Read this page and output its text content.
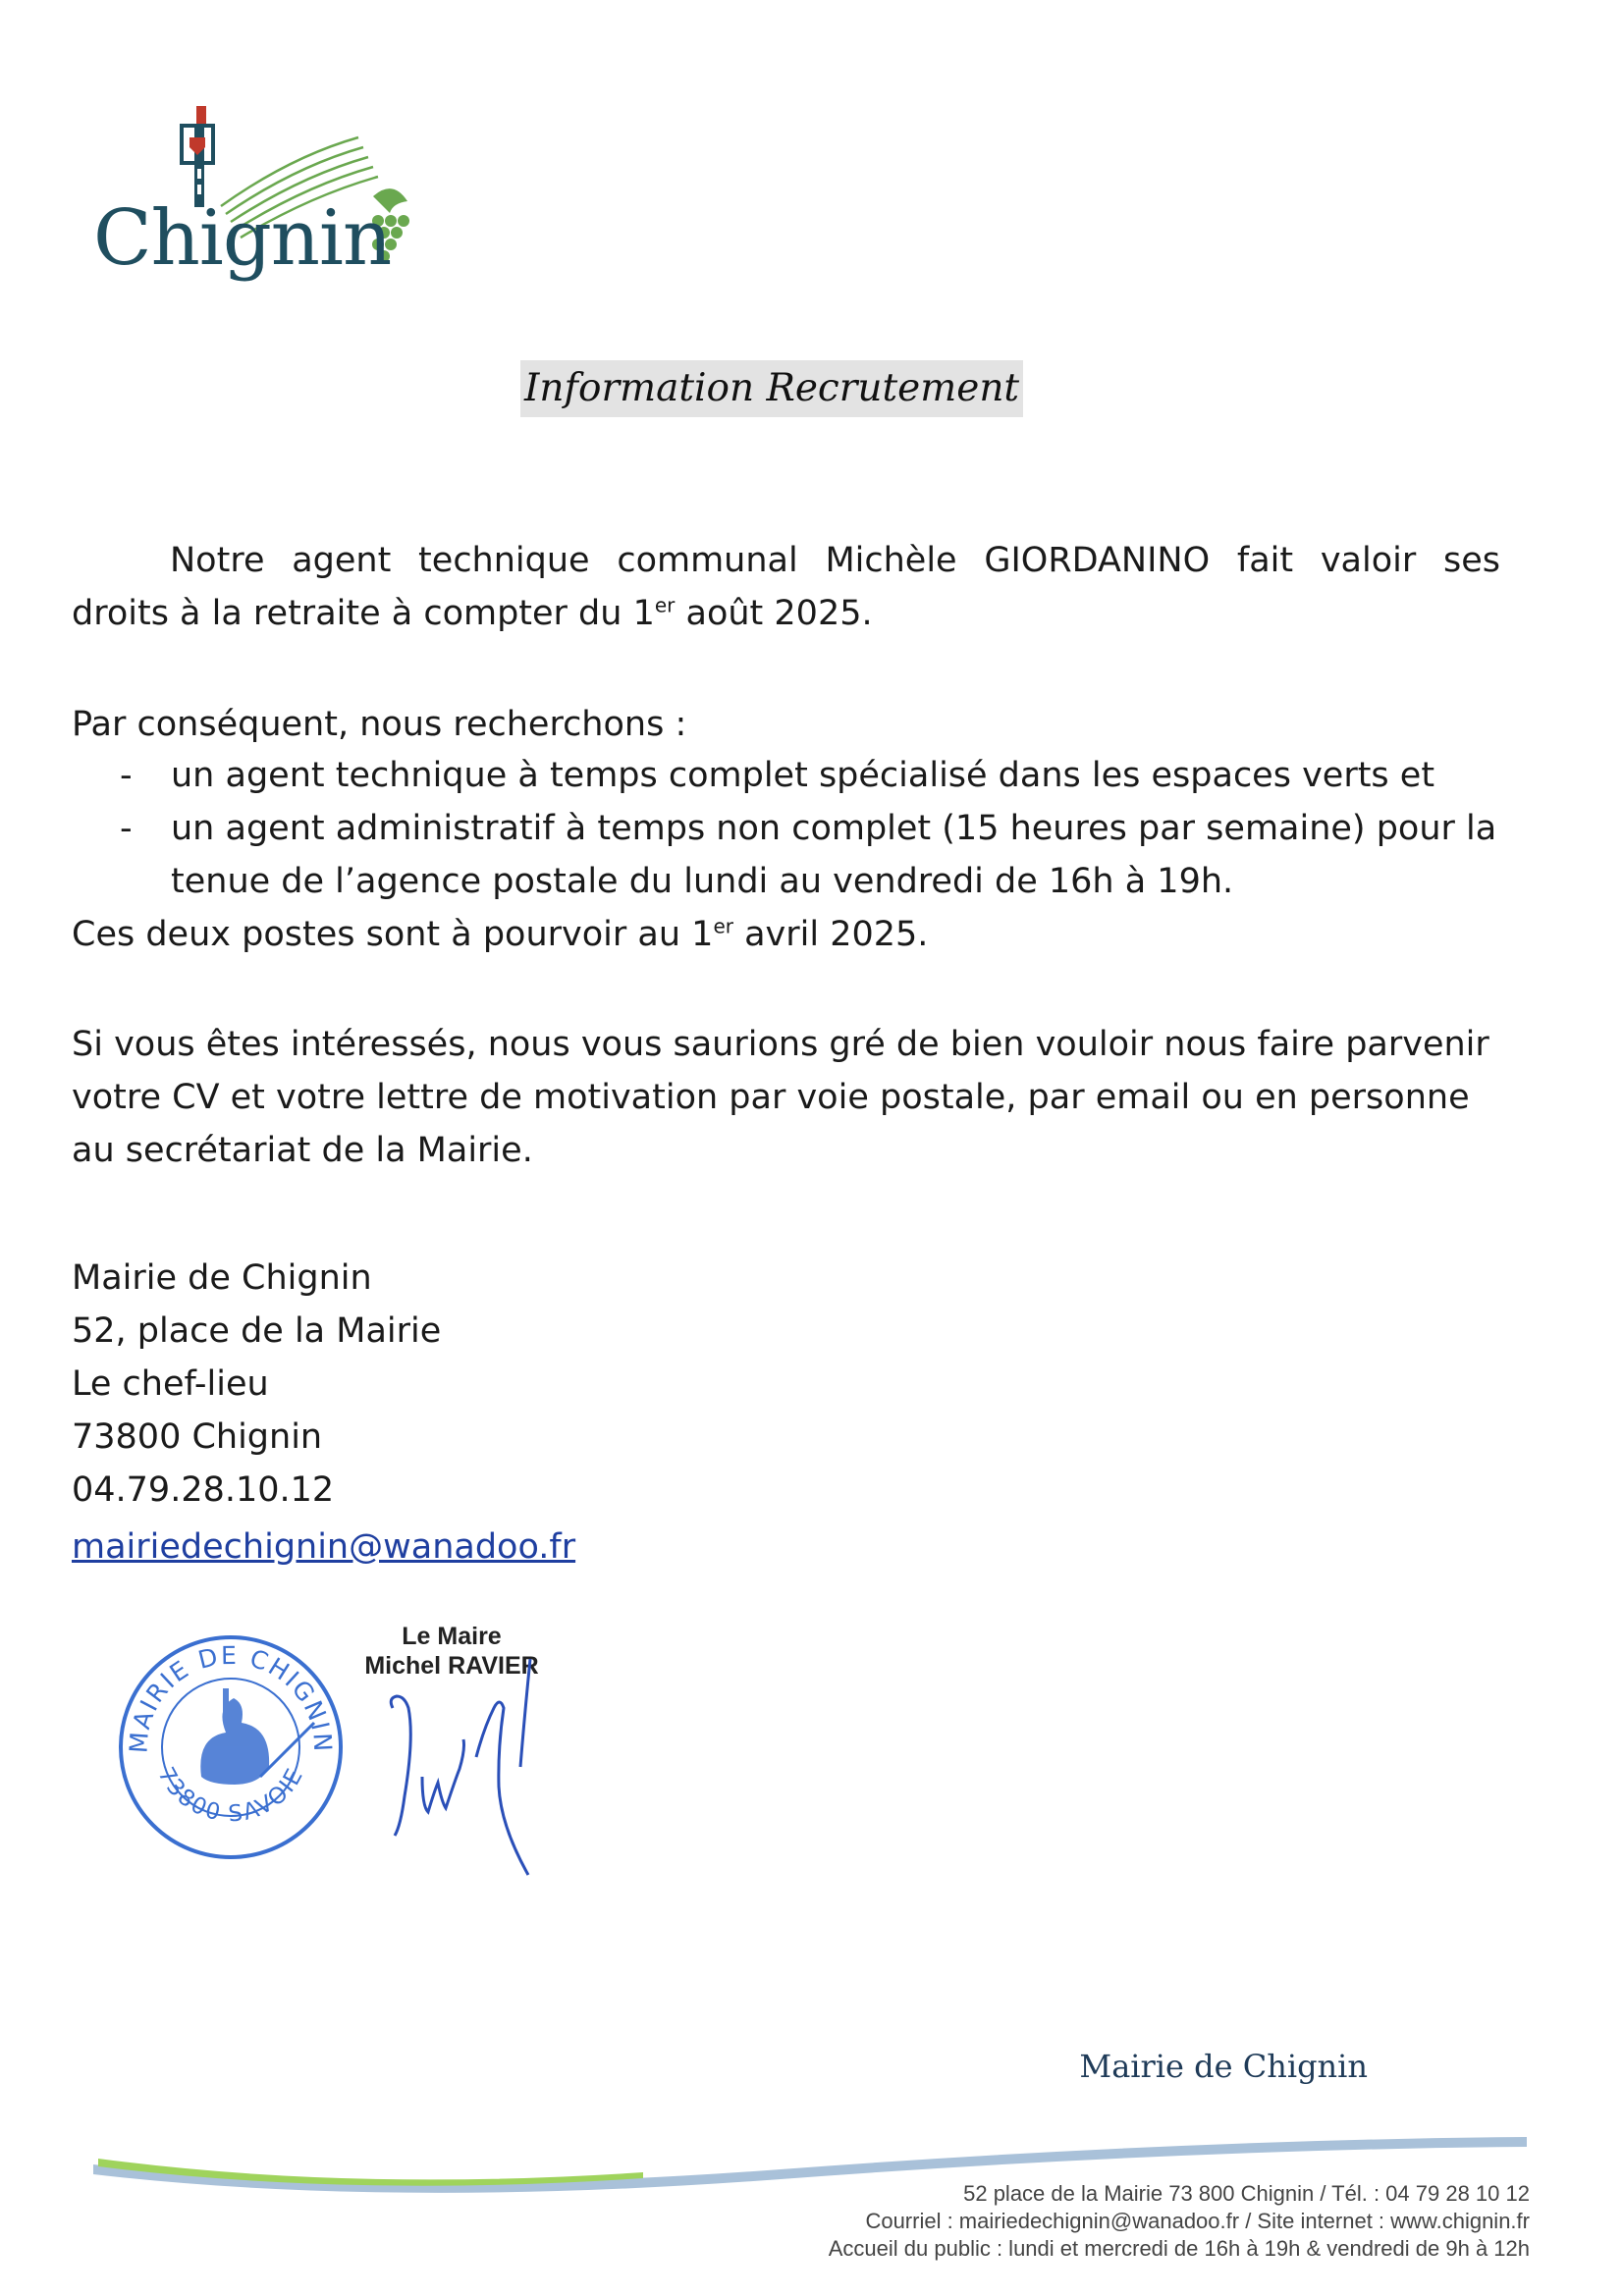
Chignin
Information Recrutement
Notre agent technique communal Michèle GIORDANINO fait valoir ses
droits à la retraite à compter du 1er août 2025.
Par conséquent, nous recherchons :
- un agent technique à temps complet spécialisé dans les espaces verts et
- un agent administratif à temps non complet (15 heures par semaine) pour la
tenue de l’agence postale du lundi au vendredi de 16h à 19h.
Ces deux postes sont à pourvoir au 1er avril 2025.
Si vous êtes intéressés, nous vous saurions gré de bien vouloir nous faire parvenir
votre CV et votre lettre de motivation par voie postale, par email ou en personne
au secrétariat de la Mairie.
Mairie de Chignin
52, place de la Mairie
Le chef-lieu
73800 Chignin
04.79.28.10.12
mairiedechignin@wanadoo.fr
MAIRIE DE CHIGNIN
73800 SAVOIE
Le Maire
Michel RAVIER
Mairie de Chignin
52 place de la Mairie 73 800 Chignin / Tél. : 04 79 28 10 12
Courriel : mairiedechignin@wanadoo.fr / Site internet : www.chignin.fr
Accueil du public : lundi et mercredi de 16h à 19h & vendredi de 9h à 12h
